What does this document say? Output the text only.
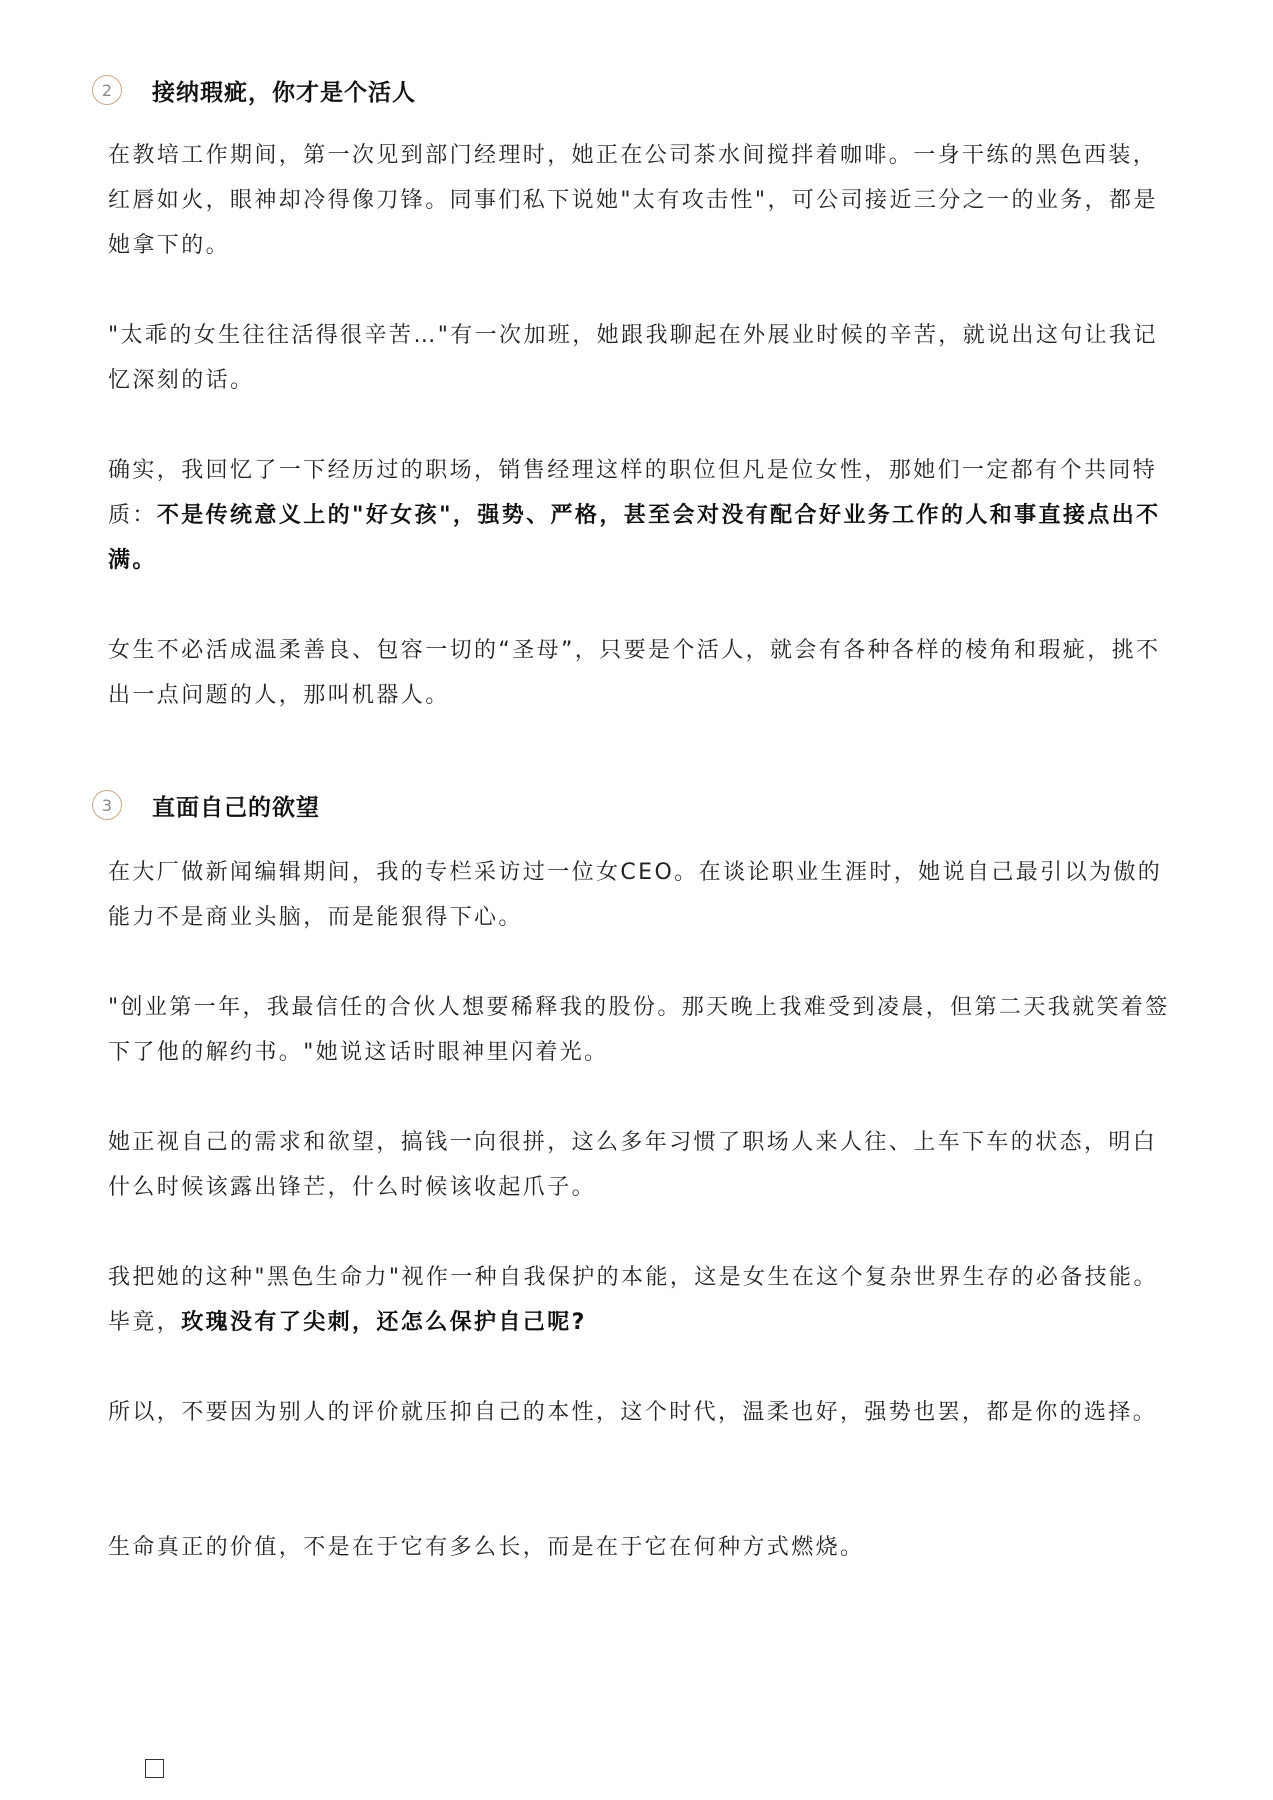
2	接纳瑕疵，你才是个活人

在教培工作期间，第一次见到部门经理时，她正在公司茶水间搅拌着咖啡。一身干练的黑色西装，红唇如火，眼神却冷得像刀锋。同事们私下说她"太有攻击性"，可公司接近三分之一的业务，都是她拿下的。

"太乖的女生往往活得很辛苦…"有一次加班，她跟我聊起在外展业时候的辛苦，就说出这句让我记忆深刻的话。

确实，我回忆了一下经历过的职场，销售经理这样的职位但凡是位女性，那她们一定都有个共同特质：不是传统意义上的"好女孩"，强势、严格，甚至会对没有配合好业务工作的人和事直接点出不满。

女生不必活成温柔善良、包容一切的“圣母”，只要是个活人，就会有各种各样的棱角和瑕疵，挑不出一点问题的人，那叫机器人。

3	直面自己的欲望

在大厂做新闻编辑期间，我的专栏采访过一位女CEO。在谈论职业生涯时，她说自己最引以为傲的能力不是商业头脑，而是能狠得下心。

"创业第一年，我最信任的合伙人想要稀释我的股份。那天晚上我难受到凌晨，但第二天我就笑着签下了他的解约书。"她说这话时眼神里闪着光。

她正视自己的需求和欲望，搞钱一向很拼，这么多年习惯了职场人来人往、上车下车的状态，明白什么时候该露出锋芒，什么时候该收起爪子。

我把她的这种"黑色生命力"视作一种自我保护的本能，这是女生在这个复杂世界生存的必备技能。毕竟，玫瑰没有了尖刺，还怎么保护自己呢?

所以，不要因为别人的评价就压抑自己的本性，这个时代，温柔也好，强势也罢，都是你的选择。

生命真正的价值，不是在于它有多么长，而是在于它在何种方式燃烧。
